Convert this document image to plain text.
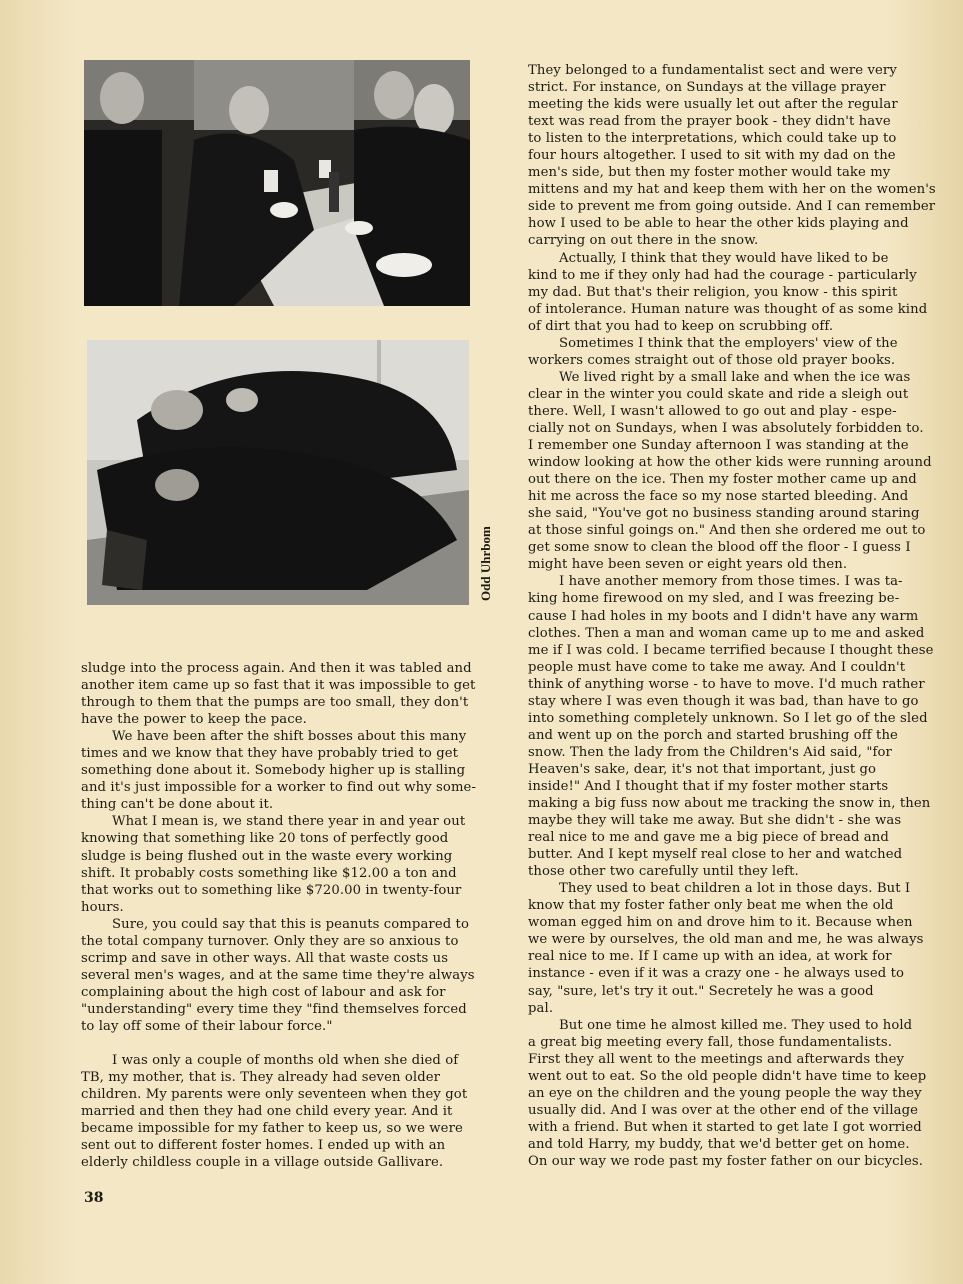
Odd Uhrbom

sludge into the process again. And then it was tabled and

another item came up so fast that it was impossible to get

through to them that the pumps are too small, they don't

have the power to keep the pace.

We have been after the shift bosses about this many

times and we know that they have probably tried to get

something done about it. Somebody higher up is stalling

and it's just impossible for a worker to find out why some-

thing can't be done about it.

What I mean is, we stand there year in and year out

knowing that something like 20 tons of perfectly good

sludge is being flushed out in the waste every working

shift. It probably costs something like $12.00 a ton and

that works out to something like $720.00 in twenty-four

hours.

Sure, you could say that this is peanuts compared to

the total company turnover. Only they are so anxious to

scrimp and save in other ways. All that waste costs us

several men's wages, and at the same time they're always

complaining about the high cost of labour and ask for

"understanding" every time they "find themselves forced

to lay off some of their labour force."

I was only a couple of months old when she died of

TB, my mother, that is. They already had seven older

children. My parents were only seventeen when they got

married and then they had one child every year. And it

became impossible for my father to keep us, so we were

sent out to different foster homes. I ended up with an

elderly childless couple in a village outside Gallivare.

They belonged to a fundamentalist sect and were very

strict. For instance, on Sundays at the village prayer

meeting the kids were usually let out after the regular

text was read from the prayer book - they didn't have

to listen to the interpretations, which could take up to

four hours altogether. I used to sit with my dad on the

men's side, but then my foster mother would take my

mittens and my hat and keep them with her on the women's

side to prevent me from going outside. And I can remember

how I used to be able to hear the other kids playing and

carrying on out there in the snow.

Actually, I think that they would have liked to be

kind to me if they only had had the courage - particularly

my dad. But that's their religion, you know - this spirit

of intolerance. Human nature was thought of as some kind

of dirt that you had to keep on scrubbing off.

Sometimes I think that the employers' view of the

workers comes straight out of those old prayer books.

We lived right by a small lake and when the ice was

clear in the winter you could skate and ride a sleigh out

there. Well, I wasn't allowed to go out and play - espe-

cially not on Sundays, when I was absolutely forbidden to.

I remember one Sunday afternoon I was standing at the

window looking at how the other kids were running around

out there on the ice. Then my foster mother came up and

hit me across the face so my nose started bleeding. And

she said, "You've got no business standing around staring

at those sinful goings on." And then she ordered me out to

get some snow to clean the blood off the floor - I guess I

might have been seven or eight years old then.

I have another memory from those times. I was ta-

king home firewood on my sled, and I was freezing be-

cause I had holes in my boots and I didn't have any warm

clothes. Then a man and woman came up to me and asked

me if I was cold. I became terrified because I thought these

people must have come to take me away. And I couldn't

think of anything worse - to have to move. I'd much rather

stay where I was even though it was bad, than have to go

into something completely unknown. So I let go of the sled

and went up on the porch and started brushing off the

snow. Then the lady from the Children's Aid said, "for

Heaven's sake, dear, it's not that important, just go

inside!" And I thought that if my foster mother starts

making a big fuss now about me tracking the snow in, then

maybe they will take me away. But she didn't - she was

real nice to me and gave me a big piece of bread and

butter. And I kept myself real close to her and watched

those other two carefully until they left.

They used to beat children a lot in those days. But I

know that my foster father only beat me when the old

woman egged him on and drove him to it. Because when

we were by ourselves, the old man and me, he was always

real nice to me. If I came up with an idea, at work for

instance - even if it was a crazy one - he always used to

say, "sure, let's try it out." Secretely he was a good

pal.

But one time he almost killed me. They used to hold

a great big meeting every fall, those fundamentalists.

First they all went to the meetings and afterwards they

went out to eat. So the old people didn't have time to keep

an eye on the children and the young people the way they

usually did. And I was over at the other end of the village

with a friend. But when it started to get late I got worried

and told Harry, my buddy, that we'd better get on home.

On our way we rode past my foster father on our bicycles.

38
